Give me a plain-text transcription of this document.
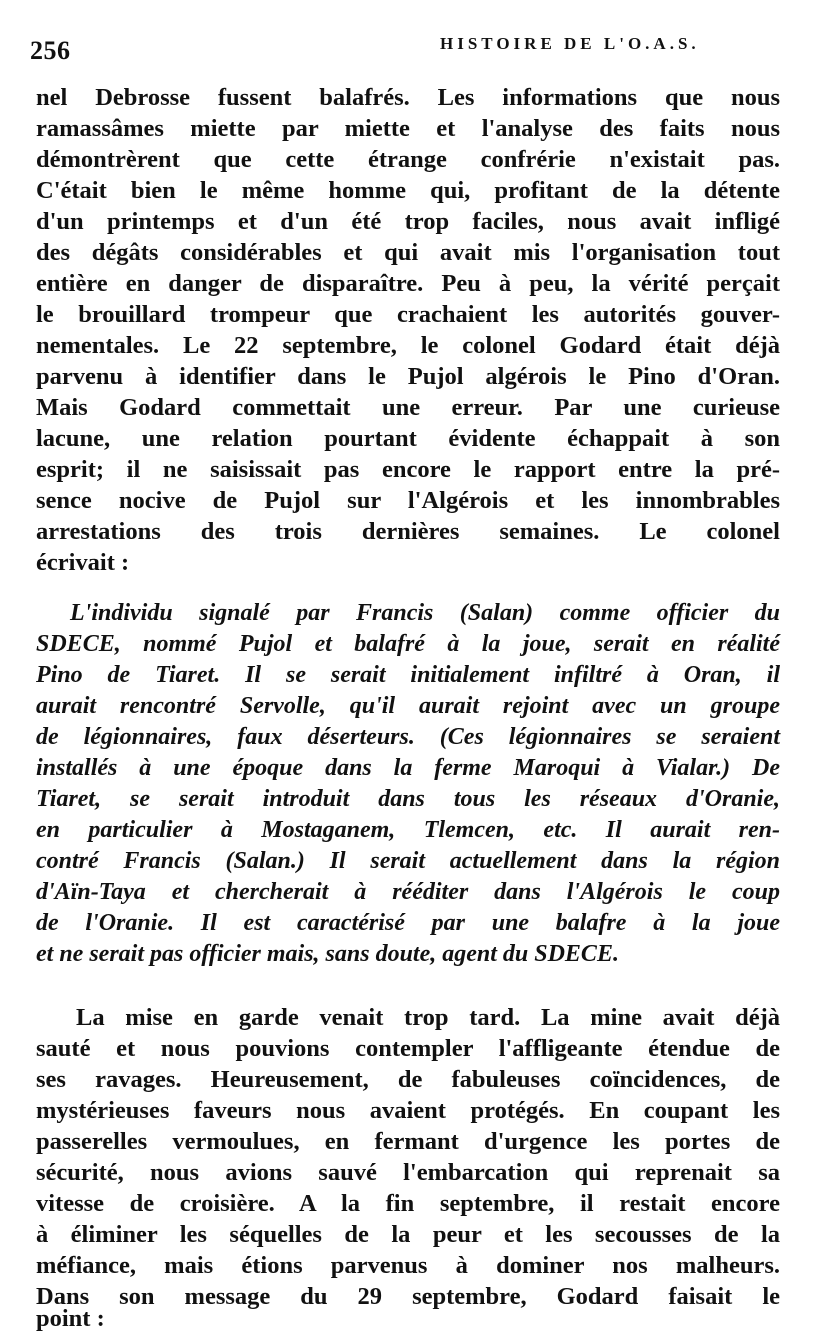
256	HISTOIRE DE L'O.A.S.
nel Debrosse fussent balafrés. Les informations que nous
ramassâmes miette par miette et l'analyse des faits nous
démontrèrent que cette étrange confrérie n'existait pas.
C'était bien le même homme qui, profitant de la détente
d'un printemps et d'un été trop faciles, nous avait infligé
des dégâts considérables et qui avait mis l'organisation tout
entière en danger de disparaître. Peu à peu, la vérité perçait
le brouillard trompeur que crachaient les autorités gouver-
nementales. Le 22 septembre, le colonel Godard était déjà
parvenu à identifier dans le Pujol algérois le Pino d'Oran.
Mais Godard commettait une erreur. Par une curieuse
lacune, une relation pourtant évidente échappait à son
esprit; il ne saisissait pas encore le rapport entre la pré-
sence nocive de Pujol sur l'Algérois et les innombrables
arrestations des trois dernières semaines. Le colonel
écrivait :
L'individu signalé par Francis (Salan) comme officier du
SDECE, nommé Pujol et balafré à la joue, serait en réalité
Pino de Tiaret. Il se serait initialement infiltré à Oran, il
aurait rencontré Servolle, qu'il aurait rejoint avec un groupe
de légionnaires, faux déserteurs. (Ces légionnaires se seraient
installés à une époque dans la ferme Maroqui à Vialar.) De
Tiaret, se serait introduit dans tous les réseaux d'Oranie,
en particulier à Mostaganem, Tlemcen, etc. Il aurait ren-
contré Francis (Salan.) Il serait actuellement dans la région
d'Aïn-Taya et chercherait à rééditer dans l'Algérois le coup
de l'Oranie. Il est caractérisé par une balafre à la joue
et ne serait pas officier mais, sans doute, agent du SDECE.
La mise en garde venait trop tard. La mine avait déjà
sauté et nous pouvions contempler l'affligeante étendue de
ses ravages. Heureusement, de fabuleuses coïncidences, de
mystérieuses faveurs nous avaient protégés. En coupant les
passerelles vermoulues, en fermant d'urgence les portes de
sécurité, nous avions sauvé l'embarcation qui reprenait sa
vitesse de croisière. A la fin septembre, il restait encore
à éliminer les séquelles de la peur et les secousses de la
méfiance, mais étions parvenus à dominer nos malheurs.
Dans son message du 29 septembre, Godard faisait le
point :
